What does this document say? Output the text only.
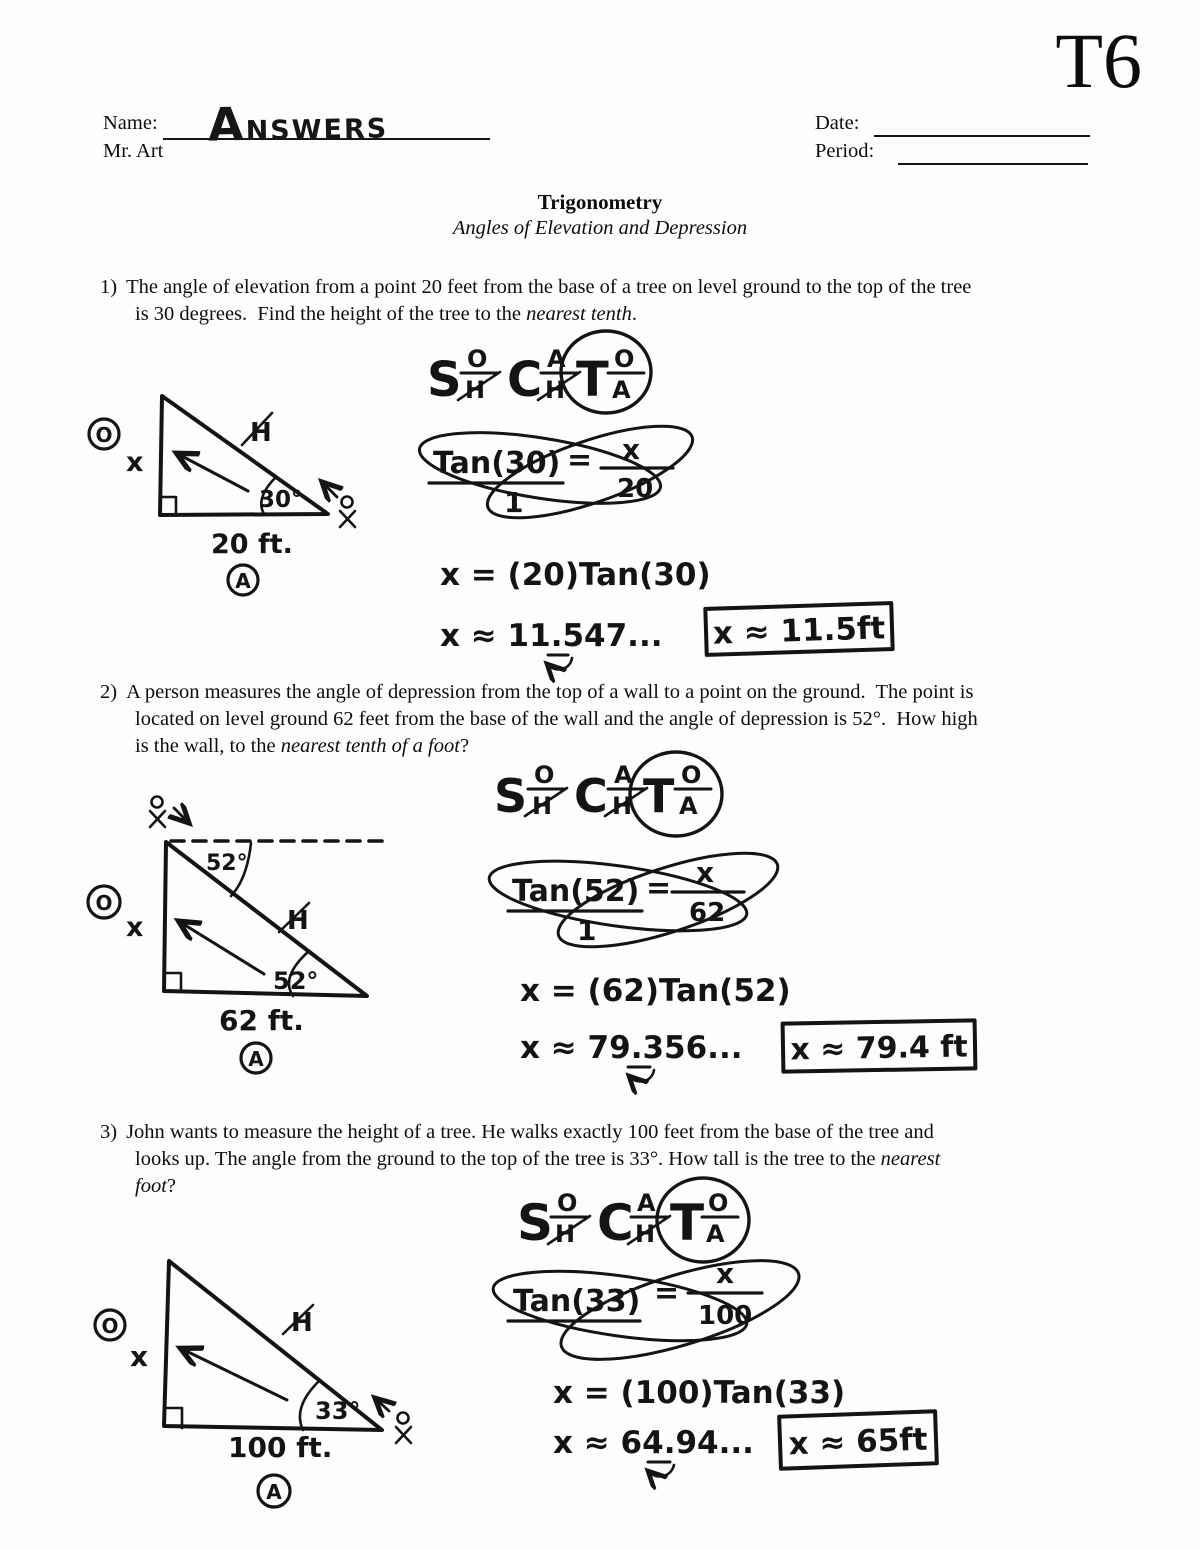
T6
Name: ANSWERS
Mr. Art
Date:
Period:
Trigonometry
Angles of Elevation and Depression
1) The angle of elevation from a point 20 feet from the base of a tree on level ground to the top of the tree
is 30 degrees.  Find the height of the tree to the nearest tenth.
30°
H
O
x
20 ft.
A
S O
H C A
H T O
A
Tan(30)
1
= x
20
x = (20)Tan(30)
x ≈ 11.547... x ≈ 11.5ft
2) A person measures the angle of depression from the top of a wall to a point on the ground.  The point is
located on level ground 62 feet from the base of the wall and the angle of depression is 52°.  How high
is the wall, to the nearest tenth of a foot?
52°
52°
H
O
x
62 ft.
A
S O
H C A
H T O
A
Tan(52)
1
= x
62
x = (62)Tan(52)
x ≈ 79.356... x ≈ 79.4 ft
3) John wants to measure the height of a tree. He walks exactly 100 feet from the base of the tree and
looks up. The angle from the ground to the top of the tree is 33°. How tall is the tree to the nearest
foot?
S O
H C A
H T O
A
Tan(33) =
x
100
33°
H
O
x
100 ft.
A
x = (100)Tan(33)
x ≈ 64.94... x ≈ 65ft
